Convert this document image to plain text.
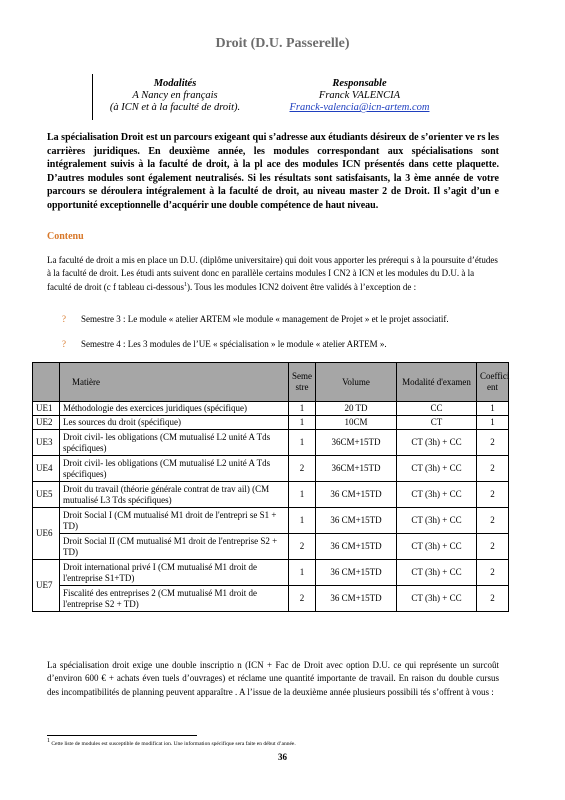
Droit (D.U. Passerelle)
Modalités
A Nancy en français
(à ICN et à la faculté de droit).
Responsable
Franck VALENCIA
Franck-valencia@icn-artem.com
La spécialisation Droit est un parcours exigeant qui s’adresse aux étudiants désireux de s’orienter ve rs les carrières juridiques. En deuxième année, les modules correspondant aux spécialisations sont intégralement suivis à la faculté de droit, à la pl ace des modules ICN présentés dans cette plaquette. D’autres modules sont également neutralisés. Si les résultats sont satisfaisants, la 3 ème année de votre parcours se déroulera intégralement à la faculté de droit, au niveau master 2 de Droit. Il s’agit d’un e opportunité exceptionnelle d’acquérir une double compétence de haut niveau.
Contenu
La faculté de droit a mis en place un D.U. (diplôme universitaire) qui doit vous apporter les prérequi s à la poursuite d’études à la faculté de droit. Les étudi ants suivent donc en parallèle certains modules I CN2 à ICN et les modules du D.U. à la faculté de droit (c f tableau ci-dessous$^1$). Tous les modules ICN2 doivent être validés à l’exception de :
? Semestre 3 : Le module « atelier ARTEM »le module « management de Projet » et le projet associatif.
? Semestre 4 : Les 3 modules de l’UE « spécialisation » le module « atelier ARTEM ».
	Matière	Seme stre	Volume	Modalité d'examen	Coeffici ent
UE1	Méthodologie des exercices juridiques (spécifique)	1	20 TD	CC	1
UE2	Les sources du droit (spécifique)	1	10CM	CT	1
UE3	Droit civil- les obligations (CM mutualisé L2 unité A Tds spécifiques)	1	36CM+15TD	CT (3h) + CC	2
UE4	Droit civil- les obligations (CM mutualisé L2 unité A Tds spécifiques)	2	36CM+15TD	CT (3h) + CC	2
UE5	Droit du travail (théorie générale contrat de trav ail) (CM mutualisé L3 Tds spécifiques)	1	36 CM+15TD	CT (3h) + CC	2
UE6	Droit Social I (CM mutualisé M1 droit de l'entrepri se S1 + TD)	1	36 CM+15TD	CT (3h) + CC	2
	Droit Social II (CM mutualisé M1 droit de l'entreprise S2 + TD)	2	36 CM+15TD	CT (3h) + CC	2
UE7	Droit international privé I (CM mutualisé M1 droit de l'entreprise S1+TD)	1	36 CM+15TD	CT (3h) + CC	2
	Fiscalité des entreprises 2 (CM mutualisé M1 droit de l'entreprise S2 + TD)	2	36 CM+15TD	CT (3h) + CC	2
La spécialisation droit exige une double inscriptio n (ICN + Fac de Droit avec option D.U. ce qui représente un surcoût d’environ 600 € + achats éven tuels d’ouvrages) et réclame une quantité importante de travail. En raison du double cursus des incompatibilités de planning peuvent apparaître . A l’issue de la deuxième année plusieurs possibili tés s’offrent à vous :
$^1$ Cette liste de modules est susceptible de modificat ion. Une information spécifique sera faite en début d’année.
36
